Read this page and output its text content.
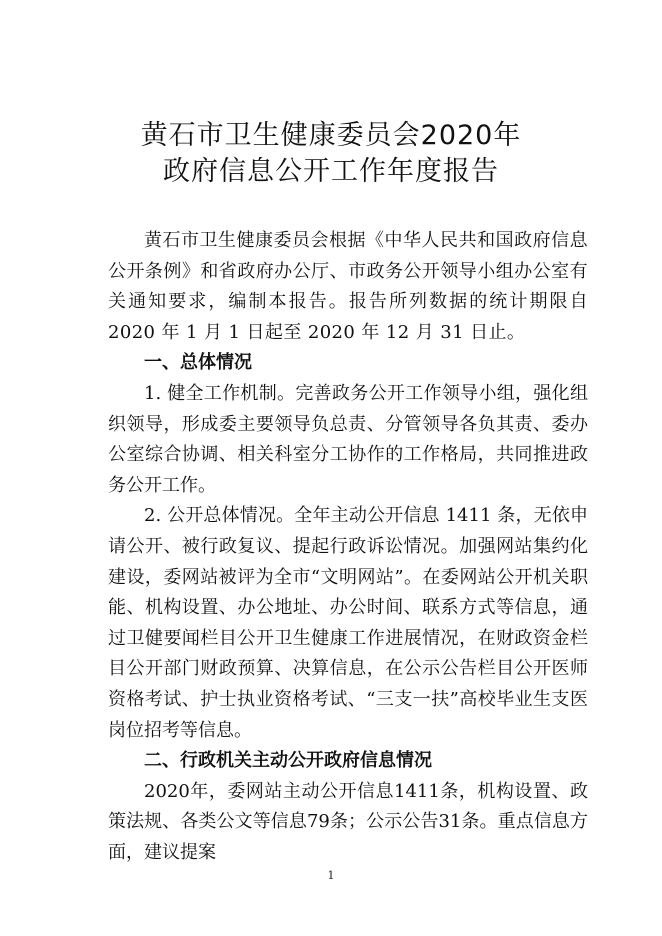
黄石市卫生健康委员会2020年
政府信息公开工作年度报告

黄石市卫生健康委员会根据《中华人民共和国政府信息公开条例》和省政府办公厅、市政务公开领导小组办公室有关通知要求，编制本报告。报告所列数据的统计期限自 2020 年 1 月 1 日起至 2020 年 12 月 31 日止。

一、总体情况

1. 健全工作机制。完善政务公开工作领导小组，强化组织领导，形成委主要领导负总责、分管领导各负其责、委办公室综合协调、相关科室分工协作的工作格局，共同推进政务公开工作。

2. 公开总体情况。全年主动公开信息 1411 条，无依申请公开、被行政复议、提起行政诉讼情况。加强网站集约化建设，委网站被评为全市“文明网站”。在委网站公开机关职能、机构设置、办公地址、办公时间、联系方式等信息，通过卫健要闻栏目公开卫生健康工作进展情况，在财政资金栏目公开部门财政预算、决算信息，在公示公告栏目公开医师资格考试、护士执业资格考试、“三支一扶”高校毕业生支医岗位招考等信息。

二、行政机关主动公开政府信息情况

2020年，委网站主动公开信息1411条，机构设置、政策法规、各类公文等信息79条；公示公告31条。重点信息方面，建议提案

1
